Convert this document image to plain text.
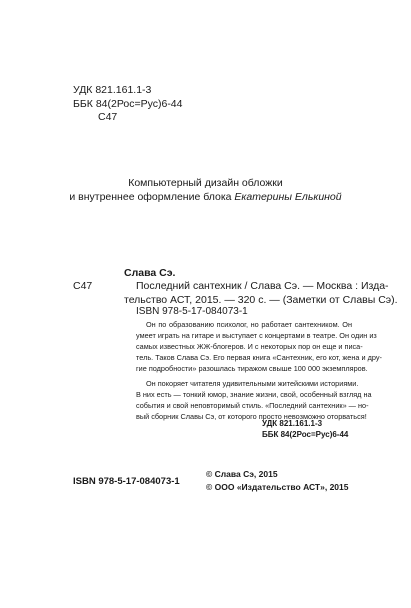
УДК 821.161.1-3
ББК 84(2Рос=Рус)6-44
С47
Компьютерный дизайн обложки
и внутреннее оформление блока Екатерины Елькиной
Слава Сэ.
С47	Последний сантехник / Слава Сэ. — Москва : Изда-
тельство АСТ, 2015. — 320 с. — (Заметки от Славы Сэ).
ISBN 978-5-17-084073-1
Он по образованию психолог, но работает сантехником. Он
умеет играть на гитаре и выступает с концертами в театре. Он один из
самых известных ЖЖ-блогеров. И с некоторых пор он еще и писа-
тель. Таков Слава Сэ. Его первая книга «Сантехник, его кот, жена и дру-
гие подробности» разошлась тиражом свыше 100 000 экземпляров.
Он покоряет читателя удивительными житейскими историями.
В них есть — тонкий юмор, знание жизни, свой, особенный взгляд на
события и свой неповторимый стиль. «Последний сантехник» — но-
вый сборник Славы Сэ, от которого просто невозможно оторваться!
УДК 821.161.1-3
ББК 84(2Рос=Рус)6-44
ISBN 978-5-17-084073-1
© Слава Сэ, 2015
© ООО «Издательство АСТ», 2015
